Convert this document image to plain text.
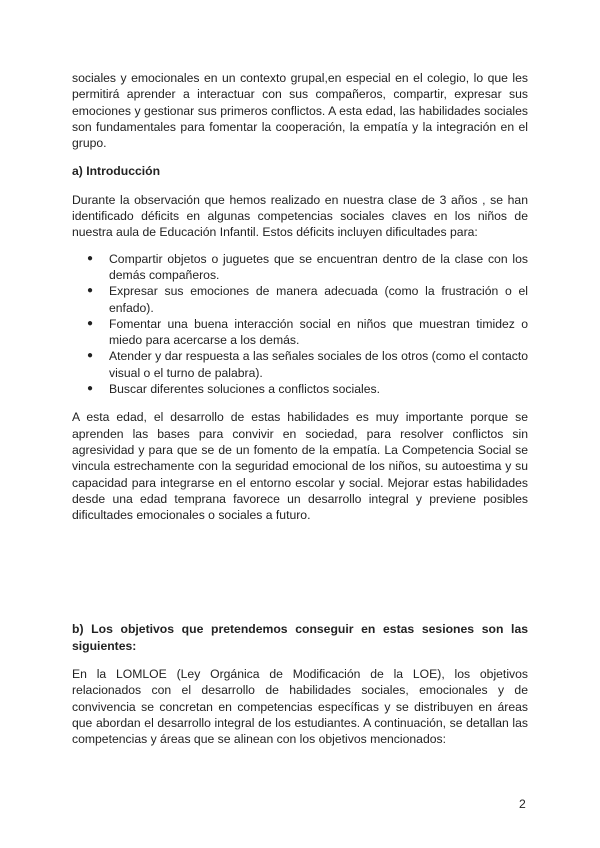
sociales y emocionales en un contexto grupal,en especial en el colegio, lo que les permitirá aprender a interactuar con sus compañeros, compartir, expresar sus emociones y gestionar sus primeros conflictos. A esta edad, las habilidades sociales son fundamentales para fomentar la cooperación, la empatía y la integración en el grupo.

a) Introducción

Durante la observación que hemos realizado en nuestra clase de 3 años , se han identificado déficits en algunas competencias sociales claves en los niños de nuestra aula de Educación Infantil. Estos déficits incluyen dificultades para:

● Compartir objetos o juguetes que se encuentran dentro de la clase con los demás compañeros.
● Expresar sus emociones de manera adecuada (como la frustración o el enfado).
● Fomentar una buena interacción social en niños que muestran timidez o miedo para acercarse a los demás.
● Atender y dar respuesta a las señales sociales de los otros (como el contacto visual o el turno de palabra).
● Buscar diferentes soluciones a conflictos sociales.

A esta edad, el desarrollo de estas habilidades es muy importante porque se aprenden las bases para convivir en sociedad, para resolver conflictos sin agresividad y para que se de un fomento de la empatía. La Competencia Social se vincula estrechamente con la seguridad emocional de los niños, su autoestima y su capacidad para integrarse en el entorno escolar y social. Mejorar estas habilidades desde una edad temprana favorece un desarrollo integral y previene posibles dificultades emocionales o sociales a futuro.

b) Los objetivos que pretendemos conseguir en estas sesiones son las siguientes:

En la LOMLOE (Ley Orgánica de Modificación de la LOE), los objetivos relacionados con el desarrollo de habilidades sociales, emocionales y de convivencia se concretan en competencias específicas y se distribuyen en áreas que abordan el desarrollo integral de los estudiantes. A continuación, se detallan las competencias y áreas que se alinean con los objetivos mencionados:

2
